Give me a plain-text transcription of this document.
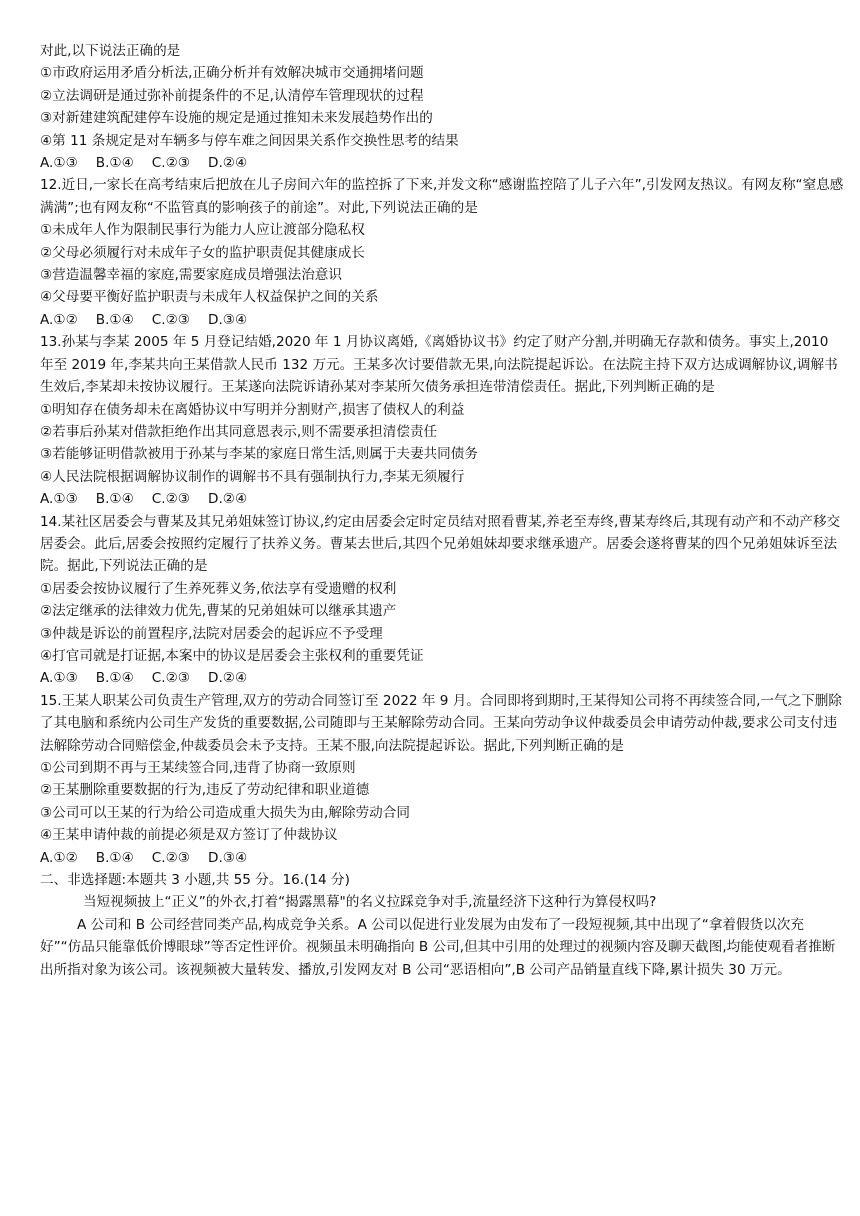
对此,以下说法正确的是

①市政府运用矛盾分析法,正确分析并有效解决城市交通拥堵问题

②立法调研是通过弥补前提条件的不足,认清停车管理现状的过程

③对新建建筑配建停车设施的规定是通过推知未来发展趋势作出的

④第 11 条规定是对车辆多与停车难之间因果关系作交换性思考的结果

A.①③ B.①④ C.②③ D.②④

12.近日,一家长在高考结束后把放在儿子房间六年的监控拆了下来,并发文称“感谢监控陪了儿子六年”,引发网友热议。有网友称“窒息感满满”;也有网友称“不监管真的影响孩子的前途”。对此,下列说法正确的是

①未成年人作为限制民事行为能力人应让渡部分隐私权

②父母必须履行对未成年子女的监护职责促其健康成长

③营造温馨幸福的家庭,需要家庭成员增强法治意识

④父母要平衡好监护职责与未成年人权益保护之间的关系

A.①② B.①④ C.②③ D.③④

13.孙某与李某 2005 年 5 月登记结婚,2020 年 1 月协议离婚,《离婚协议书》约定了财产分割,并明确无存款和债务。事实上,2010 年至 2019 年,李某共向王某借款人民币 132 万元。王某多次讨要借款无果,向法院提起诉讼。在法院主持下双方达成调解协议,调解书生效后,李某却未按协议履行。王某遂向法院诉请孙某对李某所欠债务承担连带清偿责任。据此,下列判断正确的是

①明知存在债务却未在离婚协议中写明并分割财产,损害了债权人的利益

②若事后孙某对借款拒绝作出其同意恩表示,则不需要承担清偿责任

③若能够证明借款被用于孙某与李某的家庭日常生活,则属于夫妻共同债务

④人民法院根据调解协议制作的调解书不具有强制执行力,李某无须履行

A.①③ B.①④ C.②③ D.②④

14.某社区居委会与曹某及其兄弟姐妹签订协议,约定由居委会定时定员结对照看曹某,养老至寿终,曹某寿终后,其现有动产和不动产移交居委会。此后,居委会按照约定履行了扶养义务。曹某去世后,其四个兄弟姐妹却要求继承遗产。居委会遂将曹某的四个兄弟姐妹诉至法院。据此,下列说法正确的是

①居委会按协议履行了生养死葬义务,依法享有受遗赠的权利

②法定继承的法律效力优先,曹某的兄弟姐妹可以继承其遗产

③仲裁是诉讼的前置程序,法院对居委会的起诉应不予受理

④打官司就是打证据,本案中的协议是居委会主张权利的重要凭证

A.①③ B.①④ C.②③ D.②④

15.王某人职某公司负责生产管理,双方的劳动合同签订至 2022 年 9 月。合同即将到期时,王某得知公司将不再续签合同,一气之下删除了其电脑和系统内公司生产发货的重要数据,公司随即与王某解除劳动合同。王某向劳动争议仲裁委员会申请劳动仲裁,要求公司支付违法解除劳动合同赔偿金,仲裁委员会未予支持。王某不服,向法院提起诉讼。据此,下列判断正确的是

①公司到期不再与王某续签合同,违背了协商一致原则

②王某删除重要数据的行为,违反了劳动纪律和职业道德

③公司可以王某的行为给公司造成重大损失为由,解除劳动合同

④王某申请仲裁的前提必须是双方签订了仲裁协议

A.①② B.①④ C.②③ D.③④

二、非选择题:本题共 3 小题,共 55 分。16.(14 分)

当短视频披上“正义”的外衣,打着“揭露黑幕"的名义拉踩竞争对手,流量经济下这种行为算侵权吗?

A 公司和 B 公司经营同类产品,构成竞争关系。A 公司以促进行业发展为由发布了一段短视频,其中出现了“拿着假货以次充好”“仿品只能靠低价博眼球”等否定性评价。视频虽未明确指向 B 公司,但其中引用的处理过的视频内容及聊天截图,均能使观看者推断出所指对象为该公司。该视频被大量转发、播放,引发网友对 B 公司“恶语相向”,B 公司产品销量直线下降,累计损失 30 万元。
